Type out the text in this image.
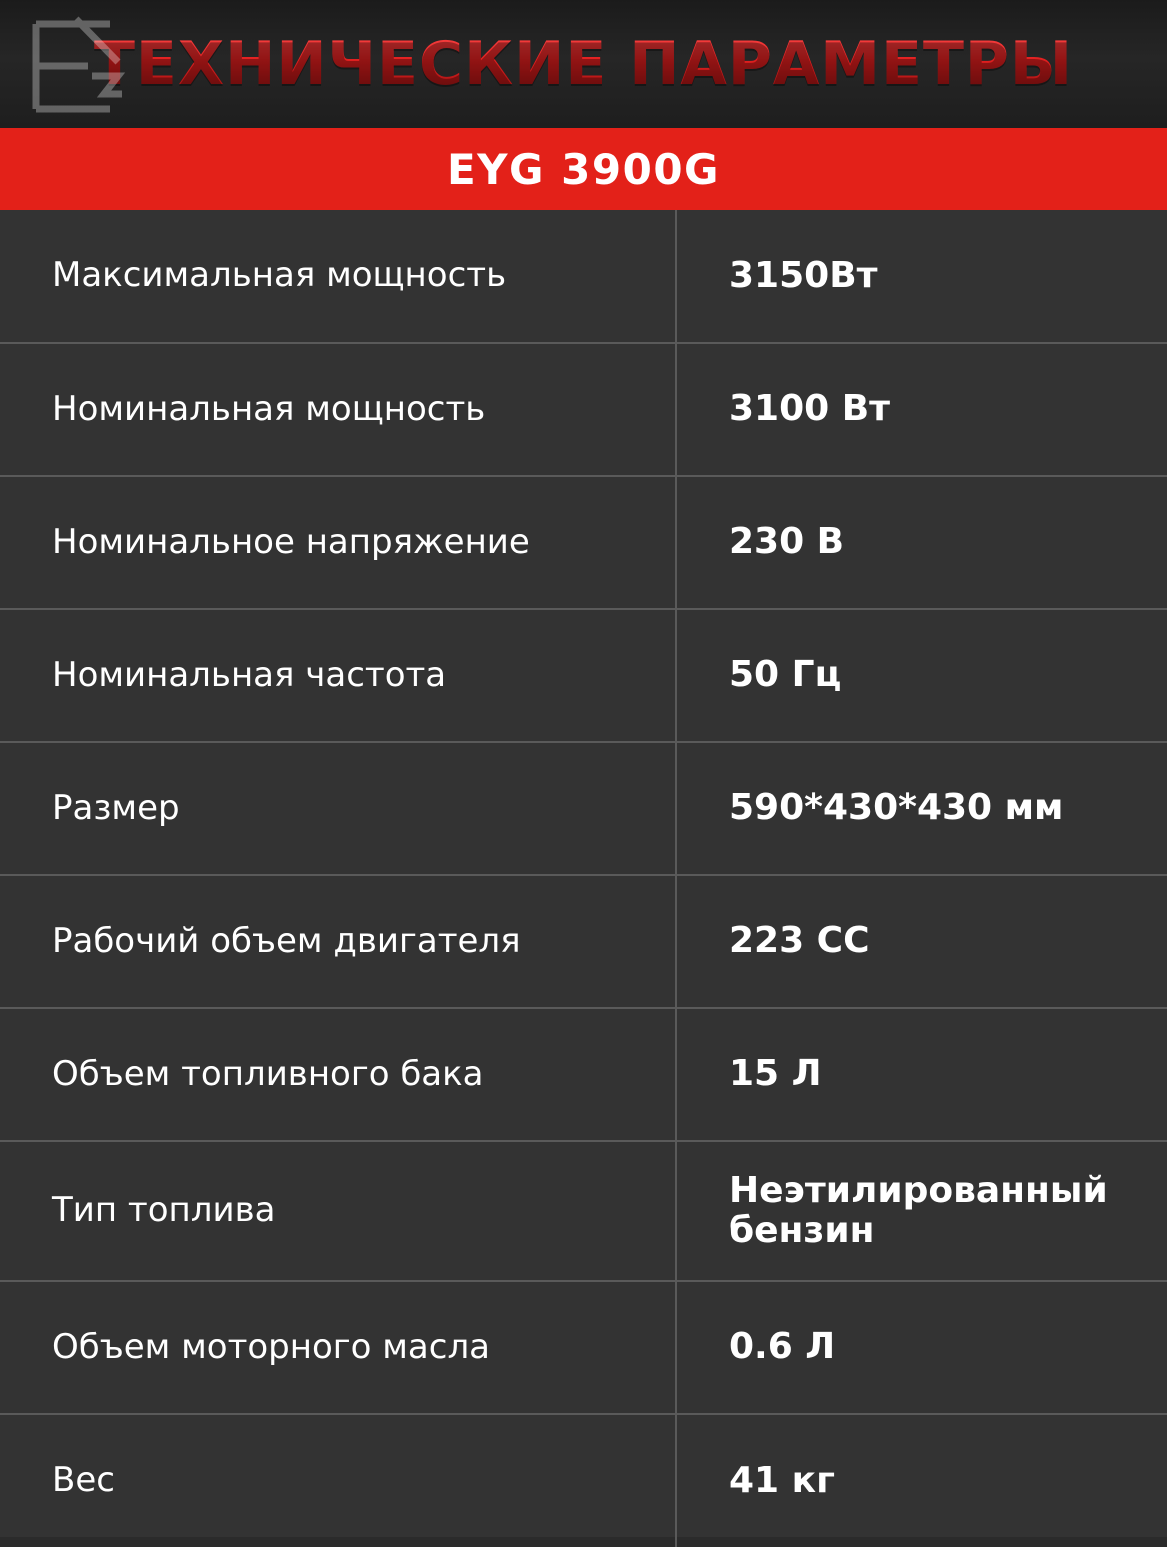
ТЕХНИЧЕСКИЕ ПАРАМЕТРЫ
EYG 3900G
Максимальная мощность	3150Вт
Номинальная мощность	3100 Вт
Номинальное напряжение	230 В
Номинальная частота	50 Гц
Размер	590*430*430 мм
Рабочий объем двигателя	223 CC
Объем топливного бака	15 Л
Тип топлива	Неэтилированный бензин
Объем моторного масла	0.6 Л
Вес	41 кг
